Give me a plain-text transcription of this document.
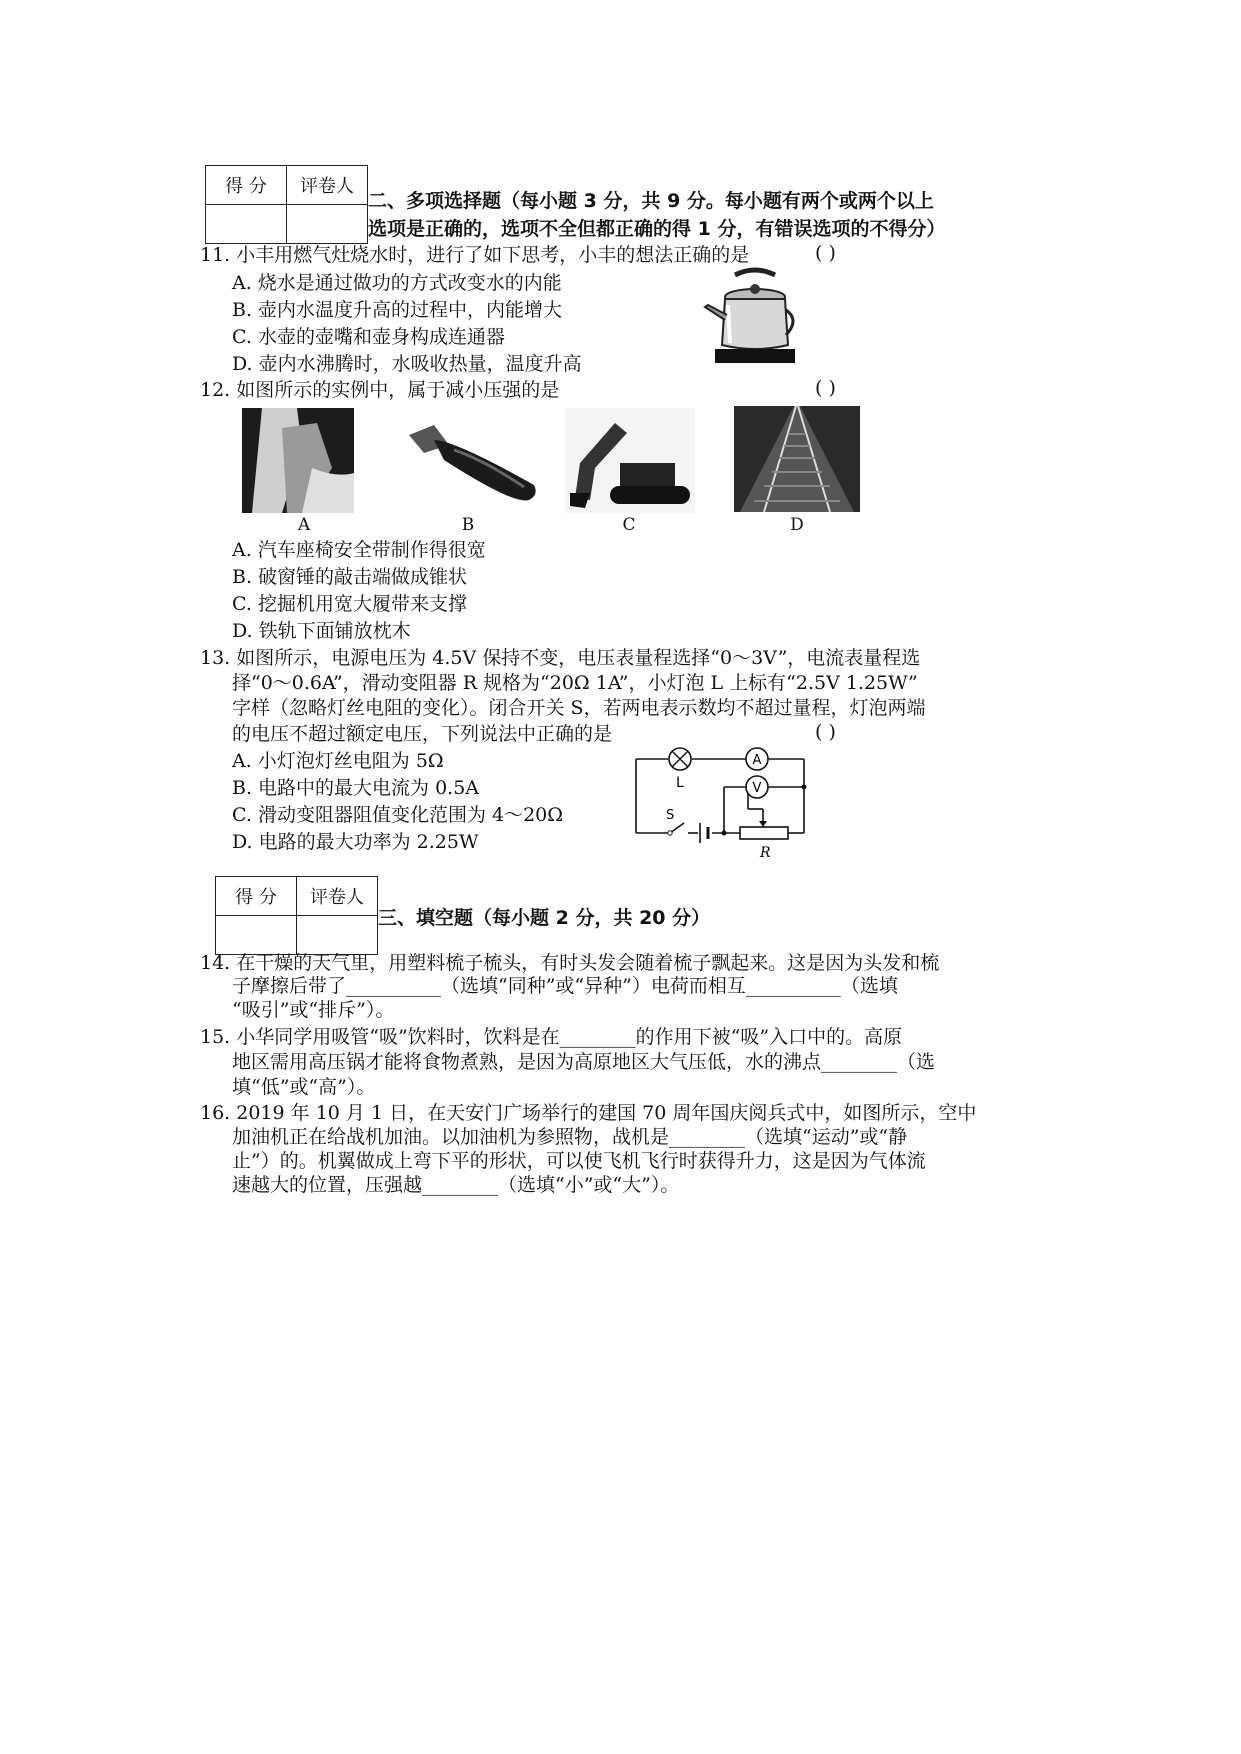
得 分	评卷人

二、多项选择题（每小题 3 分，共 9 分。每小题有两个或两个以上
选项是正确的，选项不全但都正确的得 1 分，有错误选项的不得分）
11. 小丰用燃气灶烧水时，进行了如下思考，小丰的想法正确的是	( )
A. 烧水是通过做功的方式改变水的内能
B. 壶内水温度升高的过程中，内能增大
C. 水壶的壶嘴和壶身构成连通器
D. 壶内水沸腾时，水吸收热量，温度升高
12. 如图所示的实例中，属于减小压强的是	( )
A	B	C	D
A. 汽车座椅安全带制作得很宽
B. 破窗锤的敲击端做成锥状
C. 挖掘机用宽大履带来支撑
D. 铁轨下面铺放枕木
13. 如图所示，电源电压为 4.5V 保持不变，电压表量程选择“0～3V”，电流表量程选
择“0～0.6A”，滑动变阻器 R 规格为“20Ω 1A”，小灯泡 L 上标有“2.5V 1.25W”
字样（忽略灯丝电阻的变化）。闭合开关 S，若两电表示数均不超过量程，灯泡两端
的电压不超过额定电压，下列说法中正确的是	( )
A. 小灯泡灯丝电阻为 5Ω
B. 电路中的最大电流为 0.5A
C. 滑动变阻器阻值变化范围为 4～20Ω
D. 电路的最大功率为 2.25W
A
V
L
S
R
得 分	评卷人

三、填空题（每小题 2 分，共 20 分）
14. 在干燥的天气里，用塑料梳子梳头，有时头发会随着梳子飘起来。这是因为头发和梳
子摩擦后带了__________（选填“同种”或“异种”）电荷而相互__________（选填
“吸引”或“排斥”）。
15. 小华同学用吸管“吸”饮料时，饮料是在________的作用下被“吸”入口中的。高原
地区需用高压锅才能将食物煮熟，是因为高原地区大气压低，水的沸点________（选
填“低”或“高”）。
16. 2019 年 10 月 1 日，在天安门广场举行的建国 70 周年国庆阅兵式中，如图所示，空中
加油机正在给战机加油。以加油机为参照物，战机是________（选填“运动”或“静
止”）的。机翼做成上弯下平的形状，可以使飞机飞行时获得升力，这是因为气体流
速越大的位置，压强越________（选填“小”或“大”）。
